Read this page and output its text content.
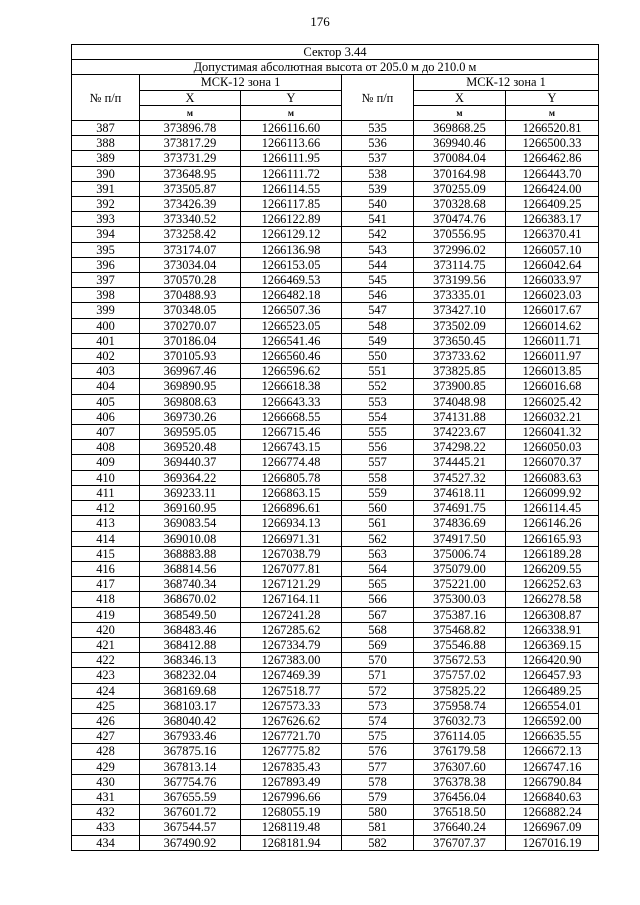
176
Сектор 3.44					
Допустимая абсолютная высота от 205.0 м до 210.0 м					
№ п/п	МСК-12 зона 1		№ п/п	МСК-12 зона 1	
	X	Y		X	Y
	м	м		м	м
387	373896.78	1266116.60	535	369868.25	1266520.81
388	373817.29	1266113.66	536	369940.46	1266500.33
389	373731.29	1266111.95	537	370084.04	1266462.86
390	373648.95	1266111.72	538	370164.98	1266443.70
391	373505.87	1266114.55	539	370255.09	1266424.00
392	373426.39	1266117.85	540	370328.68	1266409.25
393	373340.52	1266122.89	541	370474.76	1266383.17
394	373258.42	1266129.12	542	370556.95	1266370.41
395	373174.07	1266136.98	543	372996.02	1266057.10
396	373034.04	1266153.05	544	373114.75	1266042.64
397	370570.28	1266469.53	545	373199.56	1266033.97
398	370488.93	1266482.18	546	373335.01	1266023.03
399	370348.05	1266507.36	547	373427.10	1266017.67
400	370270.07	1266523.05	548	373502.09	1266014.62
401	370186.04	1266541.46	549	373650.45	1266011.71
402	370105.93	1266560.46	550	373733.62	1266011.97
403	369967.46	1266596.62	551	373825.85	1266013.85
404	369890.95	1266618.38	552	373900.85	1266016.68
405	369808.63	1266643.33	553	374048.98	1266025.42
406	369730.26	1266668.55	554	374131.88	1266032.21
407	369595.05	1266715.46	555	374223.67	1266041.32
408	369520.48	1266743.15	556	374298.22	1266050.03
409	369440.37	1266774.48	557	374445.21	1266070.37
410	369364.22	1266805.78	558	374527.32	1266083.63
411	369233.11	1266863.15	559	374618.11	1266099.92
412	369160.95	1266896.61	560	374691.75	1266114.45
413	369083.54	1266934.13	561	374836.69	1266146.26
414	369010.08	1266971.31	562	374917.50	1266165.93
415	368883.88	1267038.79	563	375006.74	1266189.28
416	368814.56	1267077.81	564	375079.00	1266209.55
417	368740.34	1267121.29	565	375221.00	1266252.63
418	368670.02	1267164.11	566	375300.03	1266278.58
419	368549.50	1267241.28	567	375387.16	1266308.87
420	368483.46	1267285.62	568	375468.82	1266338.91
421	368412.88	1267334.79	569	375546.88	1266369.15
422	368346.13	1267383.00	570	375672.53	1266420.90
423	368232.04	1267469.39	571	375757.02	1266457.93
424	368169.68	1267518.77	572	375825.22	1266489.25
425	368103.17	1267573.33	573	375958.74	1266554.01
426	368040.42	1267626.62	574	376032.73	1266592.00
427	367933.46	1267721.70	575	376114.05	1266635.55
428	367875.16	1267775.82	576	376179.58	1266672.13
429	367813.14	1267835.43	577	376307.60	1266747.16
430	367754.76	1267893.49	578	376378.38	1266790.84
431	367655.59	1267996.66	579	376456.04	1266840.63
432	367601.72	1268055.19	580	376518.50	1266882.24
433	367544.57	1268119.48	581	376640.24	1266967.09
434	367490.92	1268181.94	582	376707.37	1267016.19
